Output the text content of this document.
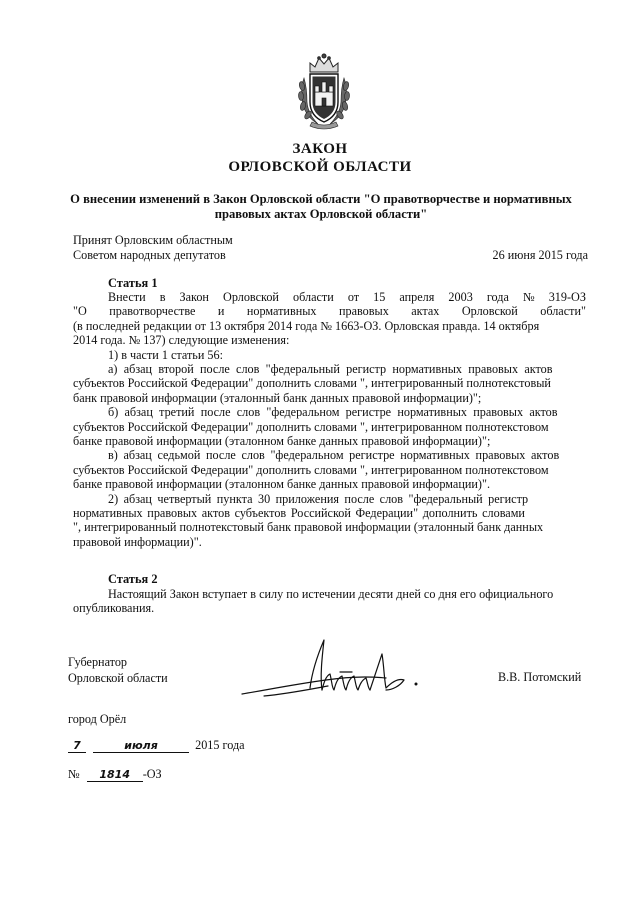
ЗАКОН
ОРЛОВСКОЙ ОБЛАСТИ
О внесении изменений в Закон Орловской области "О правотворчестве и нормативных
правовых актах Орловской области"
Принят Орловским областным
Советом народных депутатов	26 июня 2015 года
Статья 1
Внести в Закон Орловской области от 15 апреля 2003 года № 319-ОЗ
"О правотворчестве и нормативных правовых актах Орловской области"
(в последней редакции от 13 октября 2014 года № 1663-ОЗ. Орловская правда. 14 октября
2014 года. № 137) следующие изменения:
1) в части 1 статьи 56:
а) абзац второй после слов "федеральный регистр нормативных правовых актов
субъектов Российской Федерации" дополнить словами ", интегрированный полнотекстовый
банк правовой информации (эталонный банк данных правовой информации)";
б) абзац третий после слов "федеральном регистре нормативных правовых актов
субъектов Российской Федерации" дополнить словами ", интегрированном полнотекстовом
банке правовой информации (эталонном банке данных правовой информации)";
в) абзац седьмой после слов "федеральном регистре нормативных правовых актов
субъектов Российской Федерации" дополнить словами ", интегрированном полнотекстовом
банке правовой информации (эталонном банке данных правовой информации)".
2) абзац четвертый пункта 30 приложения после слов "федеральный регистр
нормативных правовых актов субъектов Российской Федерации" дополнить словами
", интегрированный полнотекстовый банк правовой информации (эталонный банк данных
правовой информации)".
Статья 2
Настоящий Закон вступает в силу по истечении десяти дней со дня его официального
опубликования.
Губернатор
Орловской области	В.В. Потомский
город Орёл
7	июля	2015 года
№ 1814 -ОЗ
